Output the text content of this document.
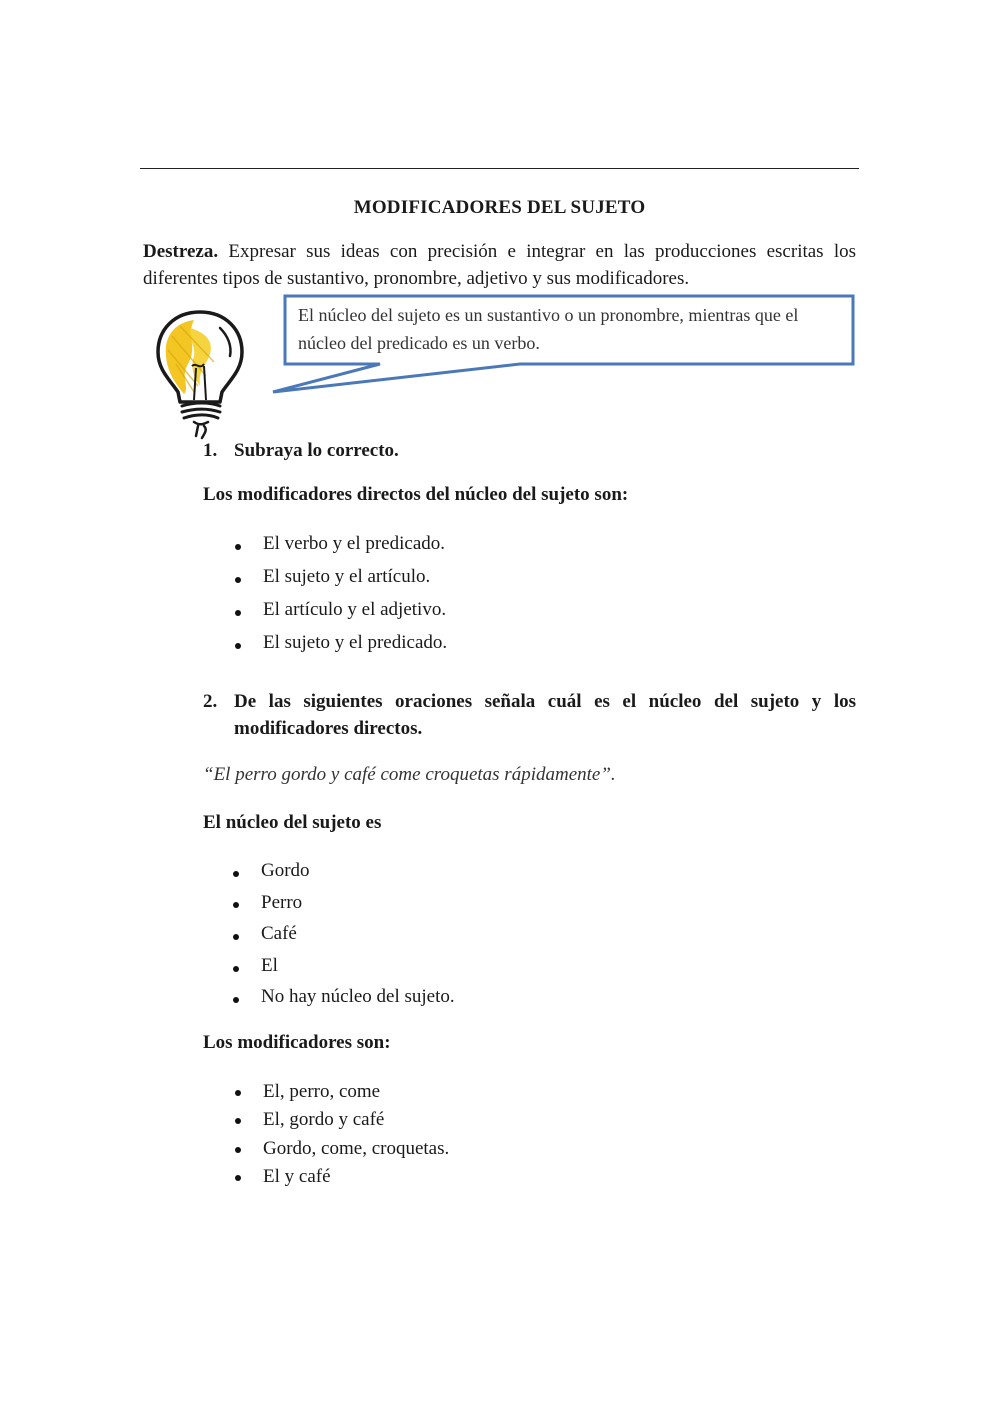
MODIFICADORES DEL SUJETO
Destreza. Expresar sus ideas con precisión e integrar en las producciones escritas los diferentes tipos de sustantivo, pronombre, adjetivo y sus modificadores.
El núcleo del sujeto es un sustantivo o un pronombre, mientras que el núcleo del predicado es un verbo.
1. Subraya lo correcto.
Los modificadores directos del núcleo del sujeto son:
El verbo y el predicado.
El sujeto y el artículo.
El artículo y el adjetivo.
El sujeto y el predicado.
2. De las siguientes oraciones señala cuál es el núcleo del sujeto y los modificadores directos.
“El perro gordo y café come croquetas rápidamente”.
El núcleo del sujeto es
Gordo
Perro
Café
El
No hay núcleo del sujeto.
Los modificadores son:
El, perro, come
El, gordo y café
Gordo, come, croquetas.
El y café
